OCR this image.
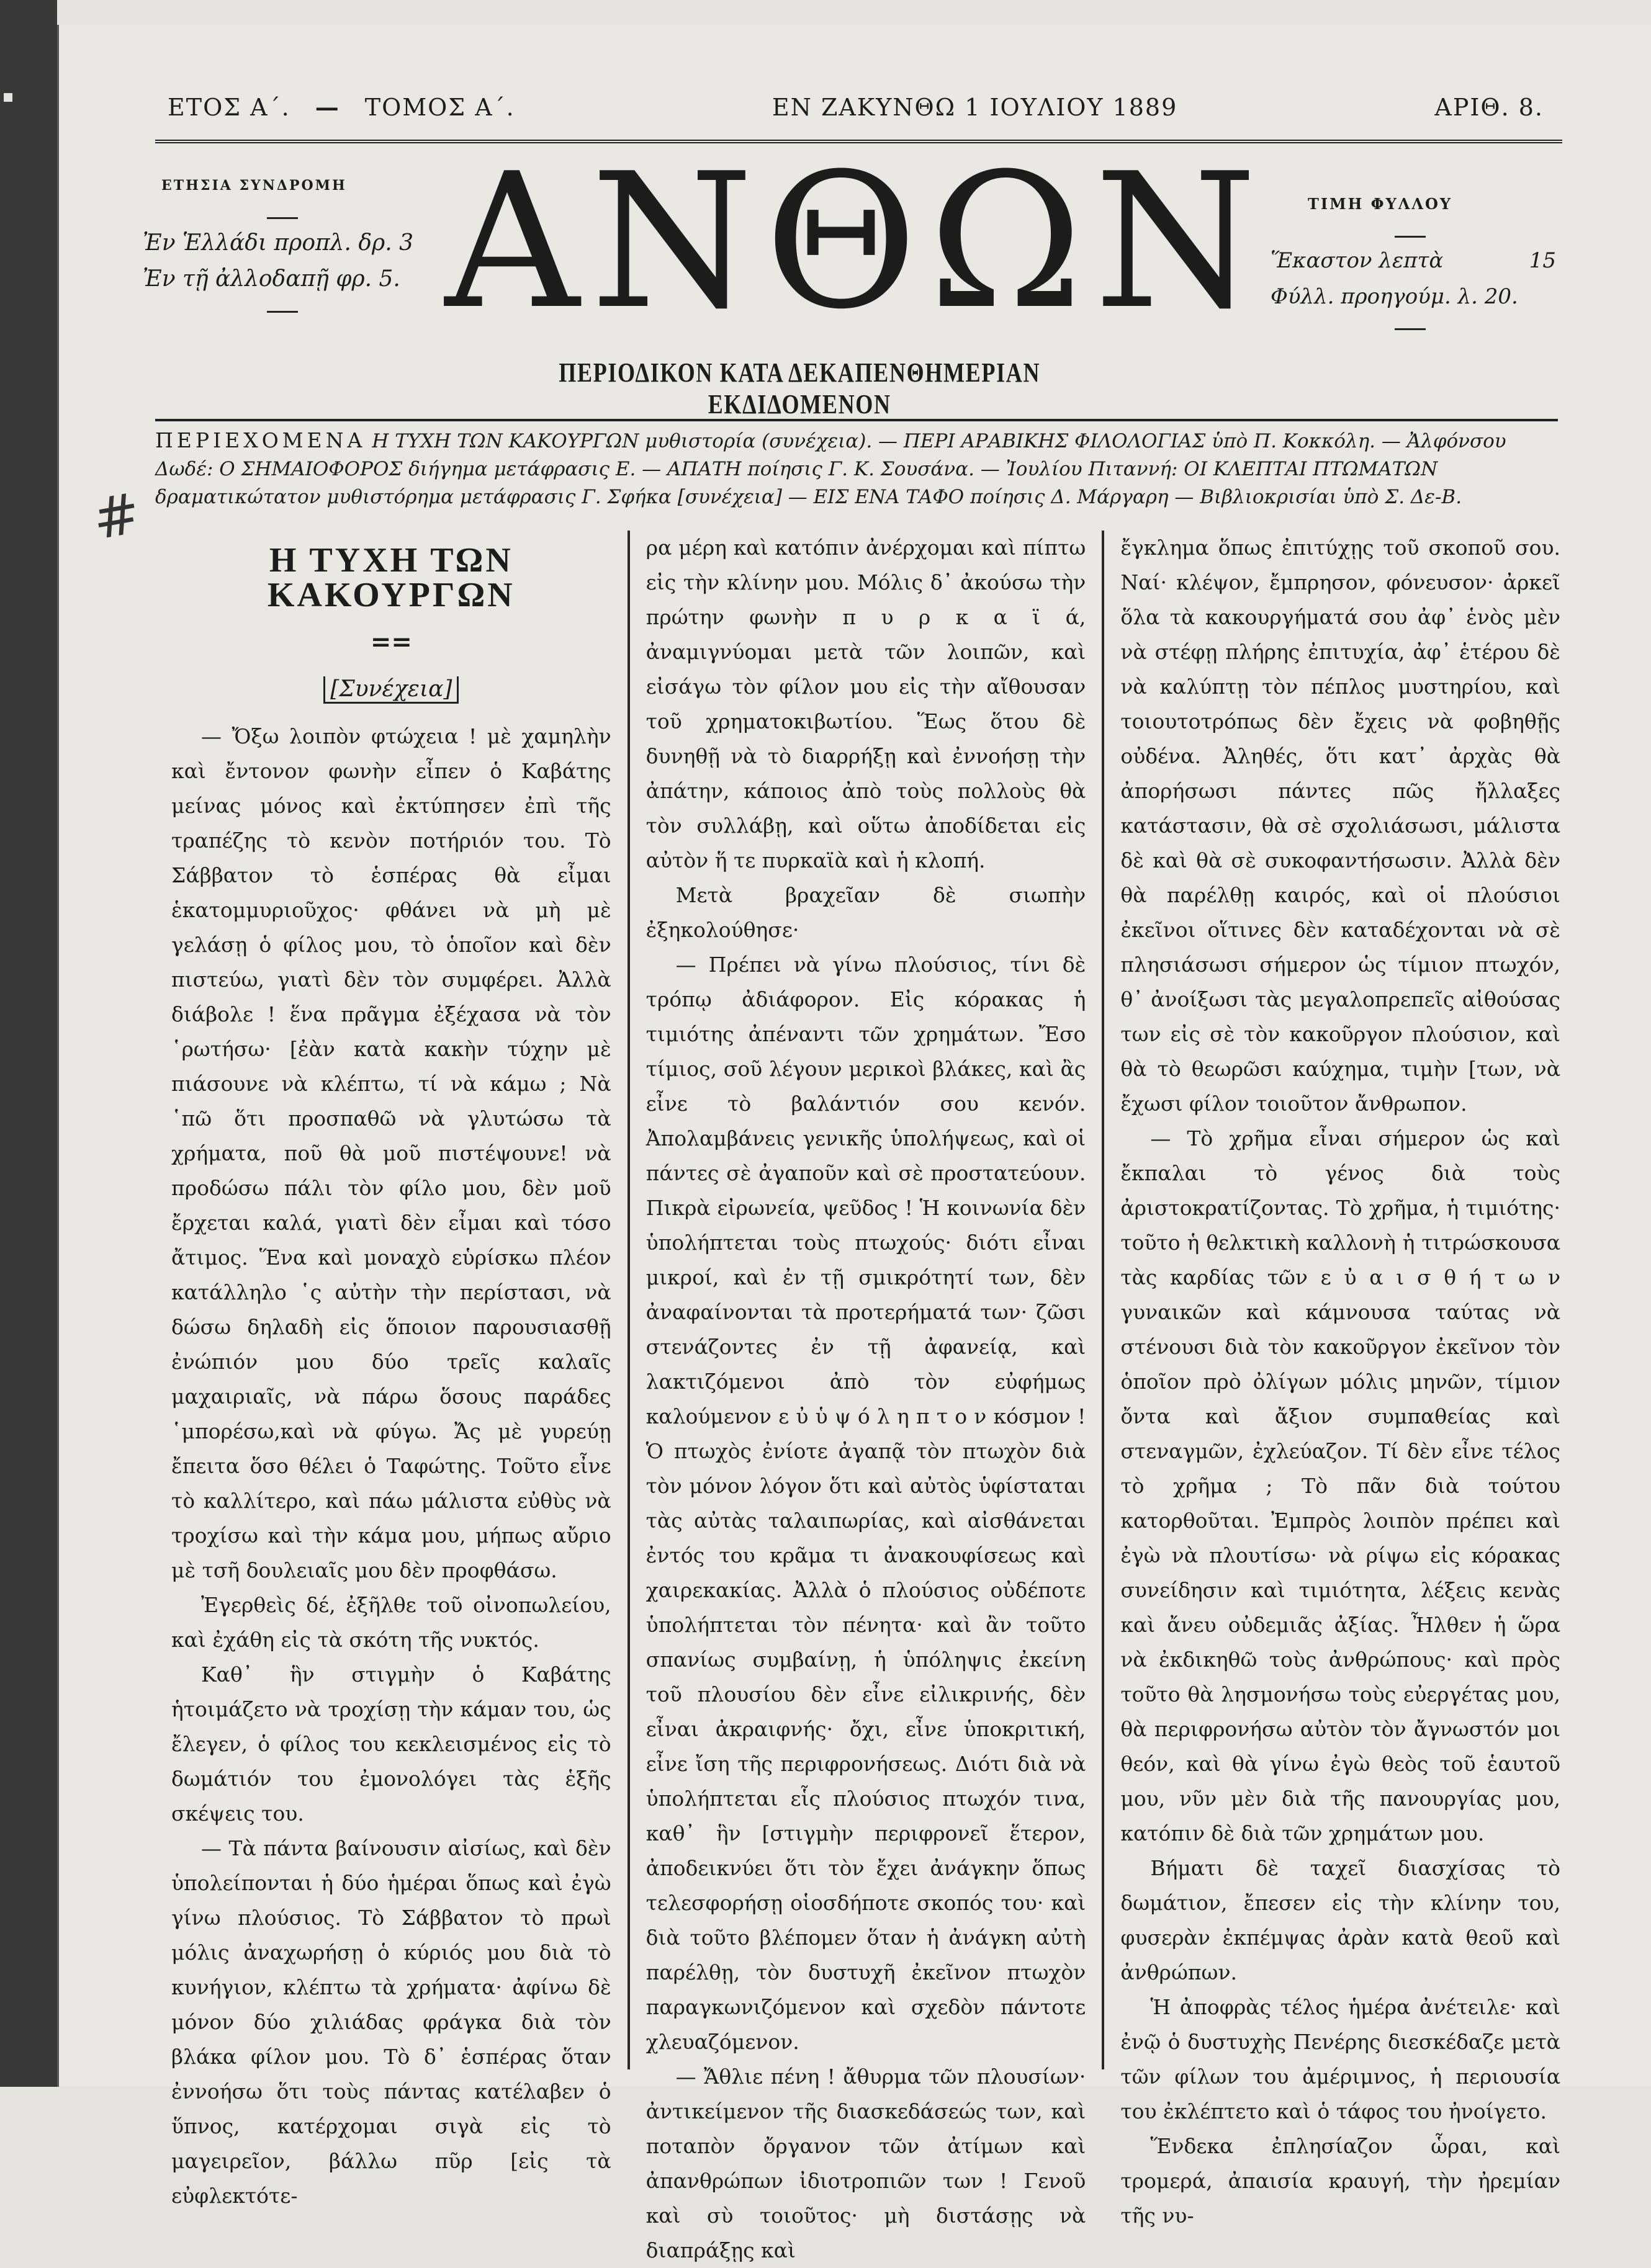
ΕΤΟΣ Α΄. — ΤΟΜΟΣ Α΄.	ΕΝ ΖΑΚΥΝΘΩ 1 ΙΟΥΛΙΟΥ 1889	ΑΡΙΘ. 8.
ΕΤΗΣΙΑ ΣΥΝΔΡΟΜΗ
Ἐν Ἑλλάδι προπλ. δρ. 3
Ἐν τῇ ἀλλοδαπῇ φρ. 5. ΑΝΘΩΝ	ΤΙΜΗ ΦΥΛΛΟΥ
Ἕκαστον λεπτὰ	15
Φύλλ. προηγούμ. λ. 20.
ΠΕΡΙΟΔΙΚΟΝ ΚΑΤΑ ΔΕΚΑΠΕΝΘΗΜΕΡΙΑΝ ΕΚΔΙΔΟΜΕΝΟΝ
ΠΕΡΙΕΧΟΜΕΝΑ Η ΤΥΧΗ ΤΩΝ ΚΑΚΟΥΡΓΩΝ μυθιστορία (συνέχεια). — ΠΕΡΙ ΑΡΑΒΙΚΗΣ ΦΙΛΟΛΟΓΙΑΣ ὑπὸ Π. Κοκκόλη. — Ἀλφόνσου Δωδέ: Ο ΣΗΜΑΙΟΦΟΡΟΣ διήγημα μετάφρασις Ε. — ΑΠΑΤΗ ποίησις Γ. Κ. Σουσάνα. — Ἰουλίου Πιταννή: ΟΙ ΚΛΕΠΤΑΙ ΠΤΩΜΑΤΩΝ δραματικώτατον μυθιστόρημα μετάφρασις Γ. Σφήκα [συνέχεια] — ΕΙΣ ΕΝΑ ΤΑΦΟ ποίησις Δ. Μάργαρη — Βιβλιοκρισίαι ὑπὸ Σ. Δε-Β.
#
Η ΤΥΧΗ ΤΩΝ ΚΑΚΟΥΡΓΩΝ
==
[Συνέχεια]

— Ὄξω λοιπὸν φτώχεια ! μὲ χαμηλὴν καὶ ἔντονον φωνὴν εἶπεν ὁ Καβάτης μείνας μόνος καὶ ἐκτύπησεν ἐπὶ τῆς τραπέζης τὸ κενὸν ποτήριόν του. Τὸ Σάββατον τὸ ἑσπέρας θὰ εἶμαι ἑκατομμυριοῦχος· φθάνει νὰ μὴ μὲ γελάσῃ ὁ φίλος μου, τὸ ὁποῖον καὶ δὲν πιστεύω, γιατὶ δὲν τὸν συμφέρει. Ἀλλὰ διάβολε ! ἕνα πρᾶγμα ἐξέχασα νὰ τὸν ῾ρωτήσω· [ἐὰν κατὰ κακὴν τύχην μὲ πιάσουνε νὰ κλέπτω, τί νὰ κάμω ; Νὰ ῾πῶ ὅτι προσπαθῶ νὰ γλυτώσω τὰ χρήματα, ποῦ θὰ μοῦ πιστέψουνε! νὰ προδώσω πάλι τὸν φίλο μου, δὲν μοῦ ἔρχεται καλά, γιατὶ δὲν εἶμαι καὶ τόσο ἄτιμος. Ἕνα καὶ μοναχὸ εὑρίσκω πλέον κατάλληλο ῾ς αὐτὴν τὴν περίστασι, νὰ δώσω δηλαδὴ εἰς ὅποιον παρουσιασθῇ ἐνώπιόν μου δύο τρεῖς καλαῖς μαχαιριαῖς, νὰ πάρω ὅσους παράδες ῾μπορέσω,καὶ νὰ φύγω. Ἄς μὲ γυρεύῃ ἔπειτα ὅσο θέλει ὁ Ταφώτης. Τοῦτο εἶνε τὸ καλλίτερο, καὶ πάω μάλιστα εὐθὺς νὰ τροχίσω καὶ τὴν κάμα μου, μήπως αὔριο μὲ τσῆ δουλειαῖς μου δὲν προφθάσω.

Ἐγερθεὶς δέ, ἐξῆλθε τοῦ οἰνοπωλείου, καὶ ἐχάθη εἰς τὰ σκότη τῆς νυκτός.

Καθ᾽ ἣν στιγμὴν ὁ Καβάτης ἡτοιμάζετο νὰ τροχίσῃ τὴν κάμαν του, ὡς ἔλεγεν, ὁ φίλος του κεκλεισμένος εἰς τὸ δωμάτιόν του ἐμονολόγει τὰς ἑξῆς σκέψεις του.

— Τὰ πάντα βαίνουσιν αἰσίως, καὶ δὲν ὑπολείπονται ἡ δύο ἡμέραι ὅπως καὶ ἐγὼ γίνω πλούσιος. Τὸ Σάββατον τὸ πρωὶ μόλις ἀναχωρήσῃ ὁ κύριός μου διὰ τὸ κυνήγιον, κλέπτω τὰ χρήματα· ἀφίνω δὲ μόνον δύο χιλιάδας φράγκα διὰ τὸν βλάκα φίλον μου. Τὸ δ᾽ ἑσπέρας ὅταν ἐννοήσω ὅτι τοὺς πάντας κατέλαβεν ὁ ὕπνος, κατέρχομαι σιγὰ εἰς τὸ μαγειρεῖον, βάλλω πῦρ [εἰς τὰ εὐφλεκτότε-

ρα μέρη καὶ κατόπιν ἀνέρχομαι καὶ πίπτω εἰς τὴν κλίνην μου. Μόλις δ᾽ ἀκούσω τὴν πρώτην φωνὴν π υ ρ κ α ϊ ά, ἀναμιγνύομαι μετὰ τῶν λοιπῶν, καὶ εἰσάγω τὸν φίλον μου εἰς τὴν αἴθουσαν τοῦ χρηματοκιβωτίου. Ἕως ὅτου δὲ δυνηθῇ νὰ τὸ διαρρήξῃ καὶ ἐννοήσῃ τὴν ἀπάτην, κάποιος ἀπὸ τοὺς πολλοὺς θὰ τὸν συλλάβῃ, καὶ οὕτω ἀποδίδεται εἰς αὐτὸν ἥ τε πυρκαϊὰ καὶ ἡ κλοπή.

Μετὰ βραχεῖαν δὲ σιωπὴν ἐξηκολούθησε·

— Πρέπει νὰ γίνω πλούσιος, τίνι δὲ τρόπῳ ἀδιάφορον. Εἰς κόρακας ἡ τιμιότης ἀπέναντι τῶν χρημάτων. Ἔσο τίμιος, σοῦ λέγουν μερικοὶ βλάκες, καὶ ἂς εἶνε τὸ βαλάντιόν σου κενόν. Ἀπολαμβάνεις γενικῆς ὑπολήψεως, καὶ οἱ πάντες σὲ ἀγαποῦν καὶ σὲ προστατεύουν. Πικρὰ εἰρωνεία, ψεῦδος ! Ἡ κοινωνία δὲν ὑπολήπτεται τοὺς πτωχούς· διότι εἶναι μικροί, καὶ ἐν τῇ σμικρότητί των, δὲν ἀναφαίνονται τὰ προτερήματά των· ζῶσι στενάζοντες ἐν τῇ ἀφανείᾳ, καὶ λακτιζόμενοι ἀπὸ τὸν εὐφήμως καλούμενον ε ὐ ὑ ψ ό λ η π τ ο ν κόσμον ! Ὁ πτωχὸς ἐνίοτε ἀγαπᾷ τὸν πτωχὸν διὰ τὸν μόνον λόγον ὅτι καὶ αὐτὸς ὑφίσταται τὰς αὐτὰς ταλαιπωρίας, καὶ αἰσθάνεται ἐντός του κρᾶμα τι ἀνακουφίσεως καὶ χαιρεκακίας. Ἀλλὰ ὁ πλούσιος οὐδέποτε ὑπολήπτεται τὸν πένητα· καὶ ἂν τοῦτο σπανίως συμβαίνῃ, ἡ ὑπόληψις ἐκείνη τοῦ πλουσίου δὲν εἶνε εἰλικρινής, δὲν εἶναι ἀκραιφνής· ὄχι, εἶνε ὑποκριτική, εἶνε ἴση τῆς περιφρονήσεως. Διότι διὰ νὰ ὑπολήπτεται εἷς πλούσιος πτωχόν τινα, καθ᾽ ἣν [στιγμὴν περιφρονεῖ ἕτερον, ἀποδεικνύει ὅτι τὸν ἔχει ἀνάγκην ὅπως τελεσφορήσῃ οἱοσδήποτε σκοπός του· καὶ διὰ τοῦτο βλέπομεν ὅταν ἡ ἀνάγκη αὐτὴ παρέλθῃ, τὸν δυστυχῆ ἐκεῖνον πτωχὸν παραγκωνιζόμενον καὶ σχεδὸν πάντοτε χλευαζόμενον.

— Ἄθλιε πένη ! ἄθυρμα τῶν πλουσίων· ἀντικείμενον τῆς διασκεδάσεώς των, καὶ ποταπὸν ὄργανον τῶν ἀτίμων καὶ ἀπανθρώπων ἰδιοτροπιῶν των ! Γενοῦ καὶ σὺ τοιοῦτος· μὴ διστάσῃς νὰ διαπράξῃς καὶ

ἔγκλημα ὅπως ἐπιτύχῃς τοῦ σκοποῦ σου. Ναί· κλέψον, ἔμπρησον, φόνευσον· ἀρκεῖ ὅλα τὰ κακουργήματά σου ἀφ᾽ ἑνὸς μὲν νὰ στέφῃ πλήρης ἐπιτυχία, ἀφ᾽ ἑτέρου δὲ νὰ καλύπτῃ τὸν πέπλος μυστηρίου, καὶ τοιουτοτρόπως δὲν ἔχεις νὰ φοβηθῇς οὐδένα. Ἀληθές, ὅτι κατ᾽ ἀρχὰς θὰ ἀπορήσωσι πάντες πῶς ἤλλαξες κατάστασιν, θὰ σὲ σχολιάσωσι, μάλιστα δὲ καὶ θὰ σὲ συκοφαντήσωσιν. Ἀλλὰ δὲν θὰ παρέλθῃ καιρός, καὶ οἱ πλούσιοι ἐκεῖνοι οἵτινες δὲν καταδέχονται νὰ σὲ πλησιάσωσι σήμερον ὡς τίμιον πτωχόν, θ᾽ ἀνοίξωσι τὰς μεγαλοπρεπεῖς αἰθούσας των εἰς σὲ τὸν κακοῦργον πλούσιον, καὶ θὰ τὸ θεωρῶσι καύχημα, τιμὴν [των, νὰ ἔχωσι φίλον τοιοῦτον ἄνθρωπον.

— Τὸ χρῆμα εἶναι σήμερον ὡς καὶ ἔκπαλαι τὸ γένος διὰ τοὺς ἀριστοκρατίζοντας. Τὸ χρῆμα, ἡ τιμιότης· τοῦτο ἡ θελκτικὴ καλλονὴ ἡ τιτρώσκουσα τὰς καρδίας τῶν ε ὐ α ι σ θ ή τ ω ν γυναικῶν καὶ κάμνουσα ταύτας νὰ στένουσι διὰ τὸν κακοῦργον ἐκεῖνον τὸν ὁποῖον πρὸ ὀλίγων μόλις μηνῶν, τίμιον ὄντα καὶ ἄξιον συμπαθείας καὶ στεναγμῶν, ἐχλεύαζον. Τί δὲν εἶνε τέλος τὸ χρῆμα ; Τὸ πᾶν διὰ τούτου κατορθοῦται. Ἐμπρὸς λοιπὸν πρέπει καὶ ἐγὼ νὰ πλουτίσω· νὰ ρίψω εἰς κόρακας συνείδησιν καὶ τιμιότητα, λέξεις κενὰς καὶ ἄνευ οὐδεμιᾶς ἀξίας. Ἦλθεν ἡ ὥρα νὰ ἐκδικηθῶ τοὺς ἀνθρώπους· καὶ πρὸς τοῦτο θὰ λησμονήσω τοὺς εὐεργέτας μου, θὰ περιφρονήσω αὐτὸν τὸν ἄγνωστόν μοι θεόν, καὶ θὰ γίνω ἐγὼ θεὸς τοῦ ἑαυτοῦ μου, νῦν μὲν διὰ τῆς πανουργίας μου, κατόπιν δὲ διὰ τῶν χρημάτων μου.

Βήματι δὲ ταχεῖ διασχίσας τὸ δωμάτιον, ἔπεσεν εἰς τὴν κλίνην του, φυσερὰν ἐκπέμψας ἀρὰν κατὰ θεοῦ καὶ ἀνθρώπων.

Ἡ ἀποφρὰς τέλος ἡμέρα ἀνέτειλε· καὶ ἐνῷ ὁ δυστυχὴς Πενέρης διεσκέδαζε μετὰ τῶν φίλων του ἀμέριμνος, ἡ περιουσία του ἐκλέπτετο καὶ ὁ τάφος του ἠνοίγετο.

Ἕνδεκα ἐπλησίαζον ὧραι, καὶ τρομερά, ἀπαισία κραυγή, τὴν ἠρεμίαν τῆς νυ-
